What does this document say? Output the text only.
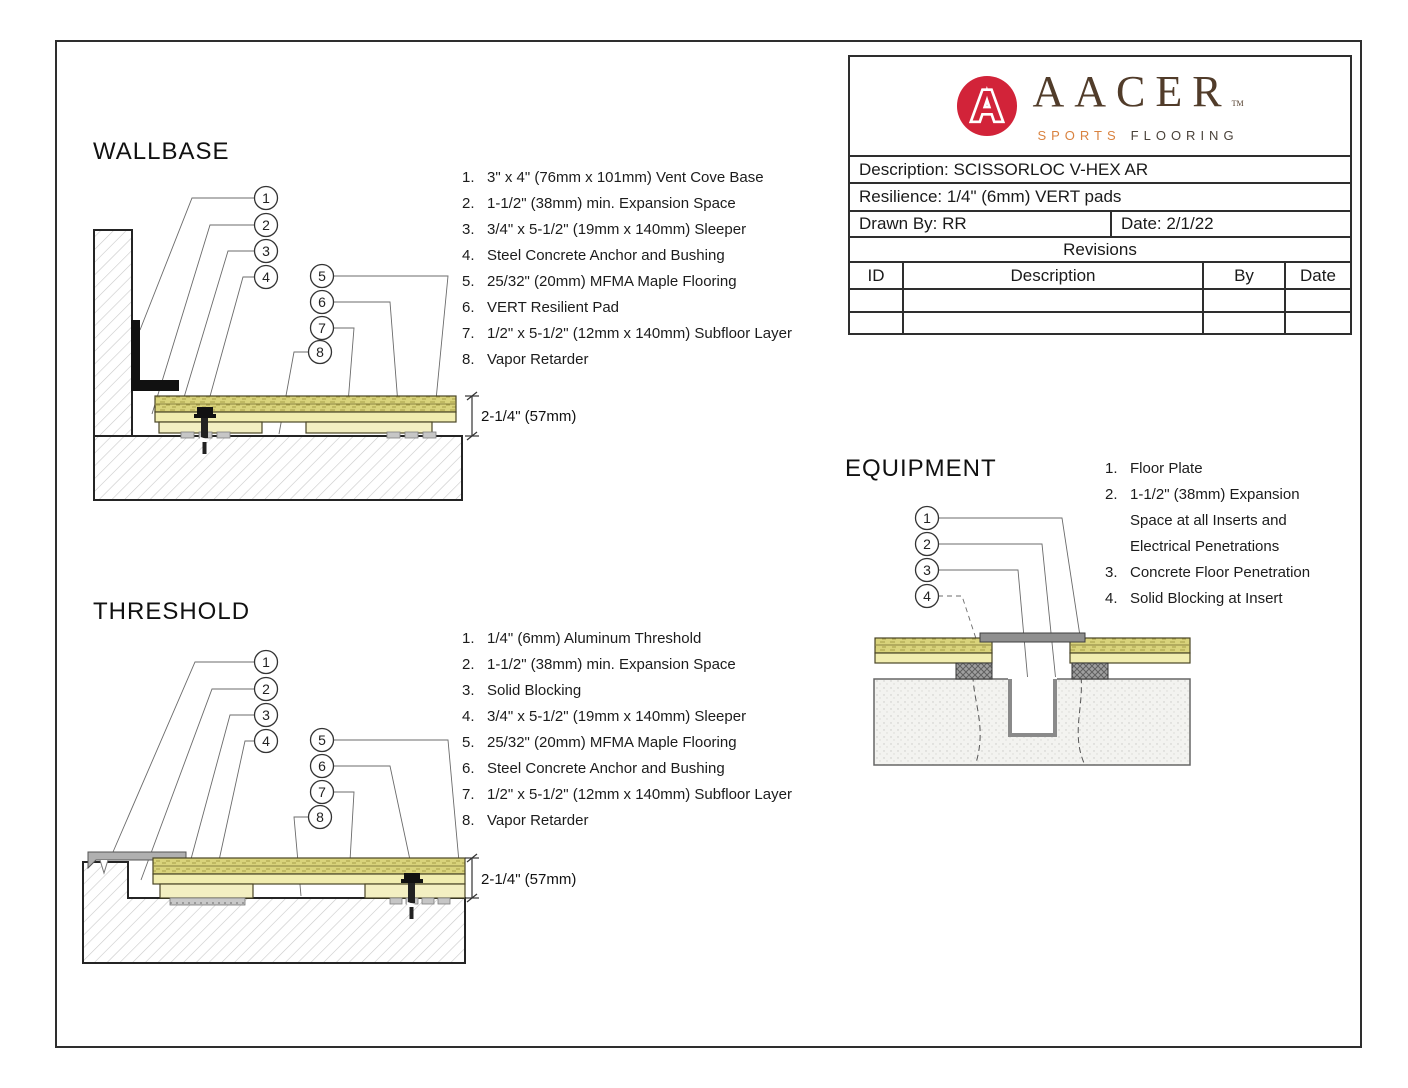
A AACERTM
SPORTS FLOORING
Description: SCISSORLOC V-HEX AR
Resilience: 1/4" (6mm) VERT pads
Drawn By: RR	Date: 2/1/22
Revisions
ID	Description	By	Date
WALLBASE
1. 3" x 4" (76mm x 101mm) Vent Cove Base
2. 1-1/2" (38mm) min. Expansion Space
3. 3/4" x 5-1/2" (19mm x 140mm) Sleeper
4. Steel Concrete Anchor and Bushing
5. 25/32" (20mm) MFMA Maple Flooring
6. VERT Resilient Pad
7. 1/2" x 5-1/2" (12mm x 140mm) Subfloor Layer
8. Vapor Retarder
2-1/4" (57mm)
1
2
3
4	5
6
7
8
THRESHOLD
1. 1/4" (6mm) Aluminum Threshold
2. 1-1/2" (38mm) min. Expansion Space
3. Solid Blocking
4. 3/4" x 5-1/2" (19mm x 140mm) Sleeper
5. 25/32" (20mm) MFMA Maple Flooring
6. Steel Concrete Anchor and Bushing
7. 1/2" x 5-1/2" (12mm x 140mm) Subfloor Layer
8. Vapor Retarder
2-1/4" (57mm)
1
2
3
4	5
6
7
8
EQUIPMENT	1. Floor Plate
2. 1-1/2" (38mm) Expansion Space at all Inserts and Electrical Penetrations
3. Concrete Floor Penetration
4. Solid Blocking at Insert
1
2
3
4
